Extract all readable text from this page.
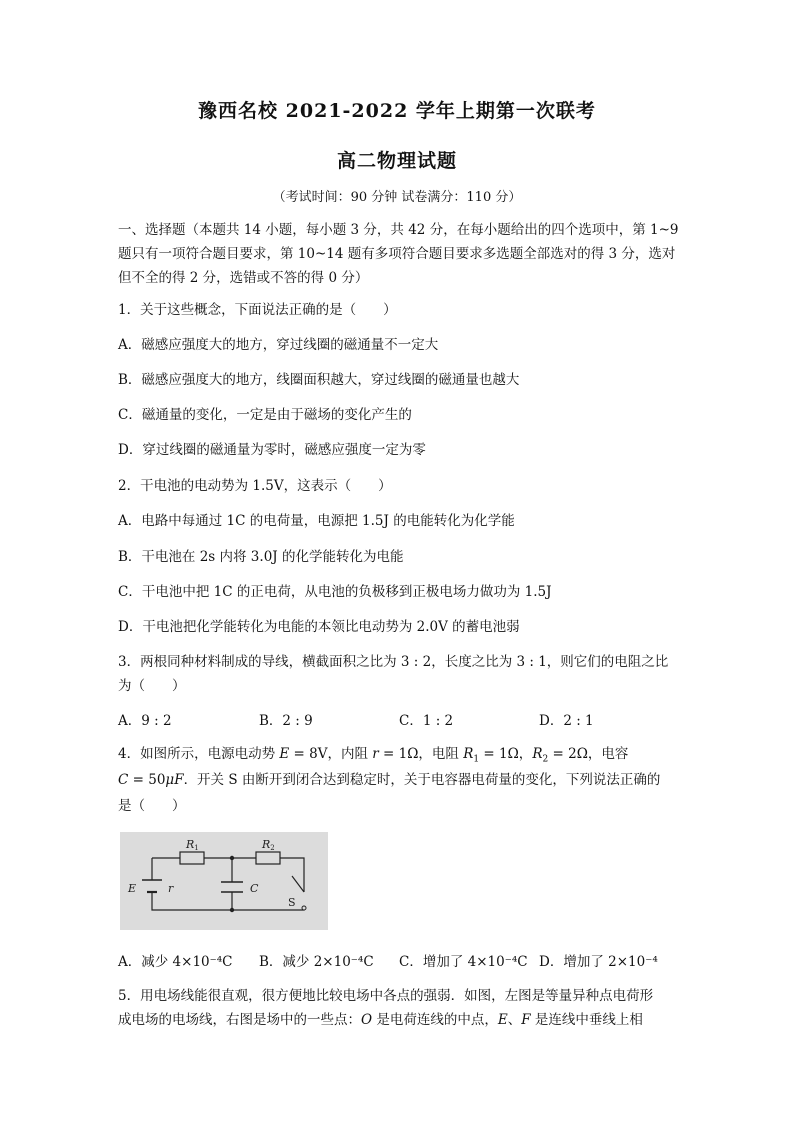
豫西名校 2021-2022 学年上期第一次联考
高二物理试题
（考试时间：90 分钟 试卷满分：110 分）
一、选择题（本题共 14 小题，每小题 3 分，共 42 分，在每小题给出的四个选项中，第 1~9
题只有一项符合题目要求，第 10~14 题有多项符合题目要求多选题全部选对的得 3 分，选对
但不全的得 2 分，选错或不答的得 0 分）
1．关于这些概念，下面说法正确的是（　　）
A．磁感应强度大的地方，穿过线圈的磁通量不一定大
B．磁感应强度大的地方，线圈面积越大，穿过线圈的磁通量也越大
C．磁通量的变化，一定是由于磁场的变化产生的
D．穿过线圈的磁通量为零时，磁感应强度一定为零
2．干电池的电动势为 1.5V，这表示（　　）
A．电路中每通过 1C 的电荷量，电源把 1.5J 的电能转化为化学能
B．干电池在 2s 内将 3.0J 的化学能转化为电能
C．干电池中把 1C 的正电荷，从电池的负极移到正极电场力做功为 1.5J
D．干电池把化学能转化为电能的本领比电动势为 2.0V 的蓄电池弱
3．两根同种材料制成的导线，横截面积之比为 3 : 2，长度之比为 3 : 1，则它们的电阻之比
为（　　）
A．9 : 2	B．2 : 9	C．1 : 2	D．2 : 1
4．如图所示，电源电动势 E = 8V，内阻 r = 1Ω，电阻 $R_1 = 1\Omega$，$R_2 = 2\Omega$，电容
C = 50μF．开关 S 由断开到闭合达到稳定时，关于电容器电荷量的变化，下列说法正确的
是（　　）
R1	R2
E	r	C
S
A．减少 4×10⁻⁴C B．减少 2×10⁻⁴C C．增加了 4×10⁻⁴C D．增加了 2×10⁻⁴
5．用电场线能很直观，很方便地比较电场中各点的强弱．如图，左图是等量异种点电荷形
成电场的电场线，右图是场中的一些点：O 是电荷连线的中点，E、F 是连线中垂线上相
